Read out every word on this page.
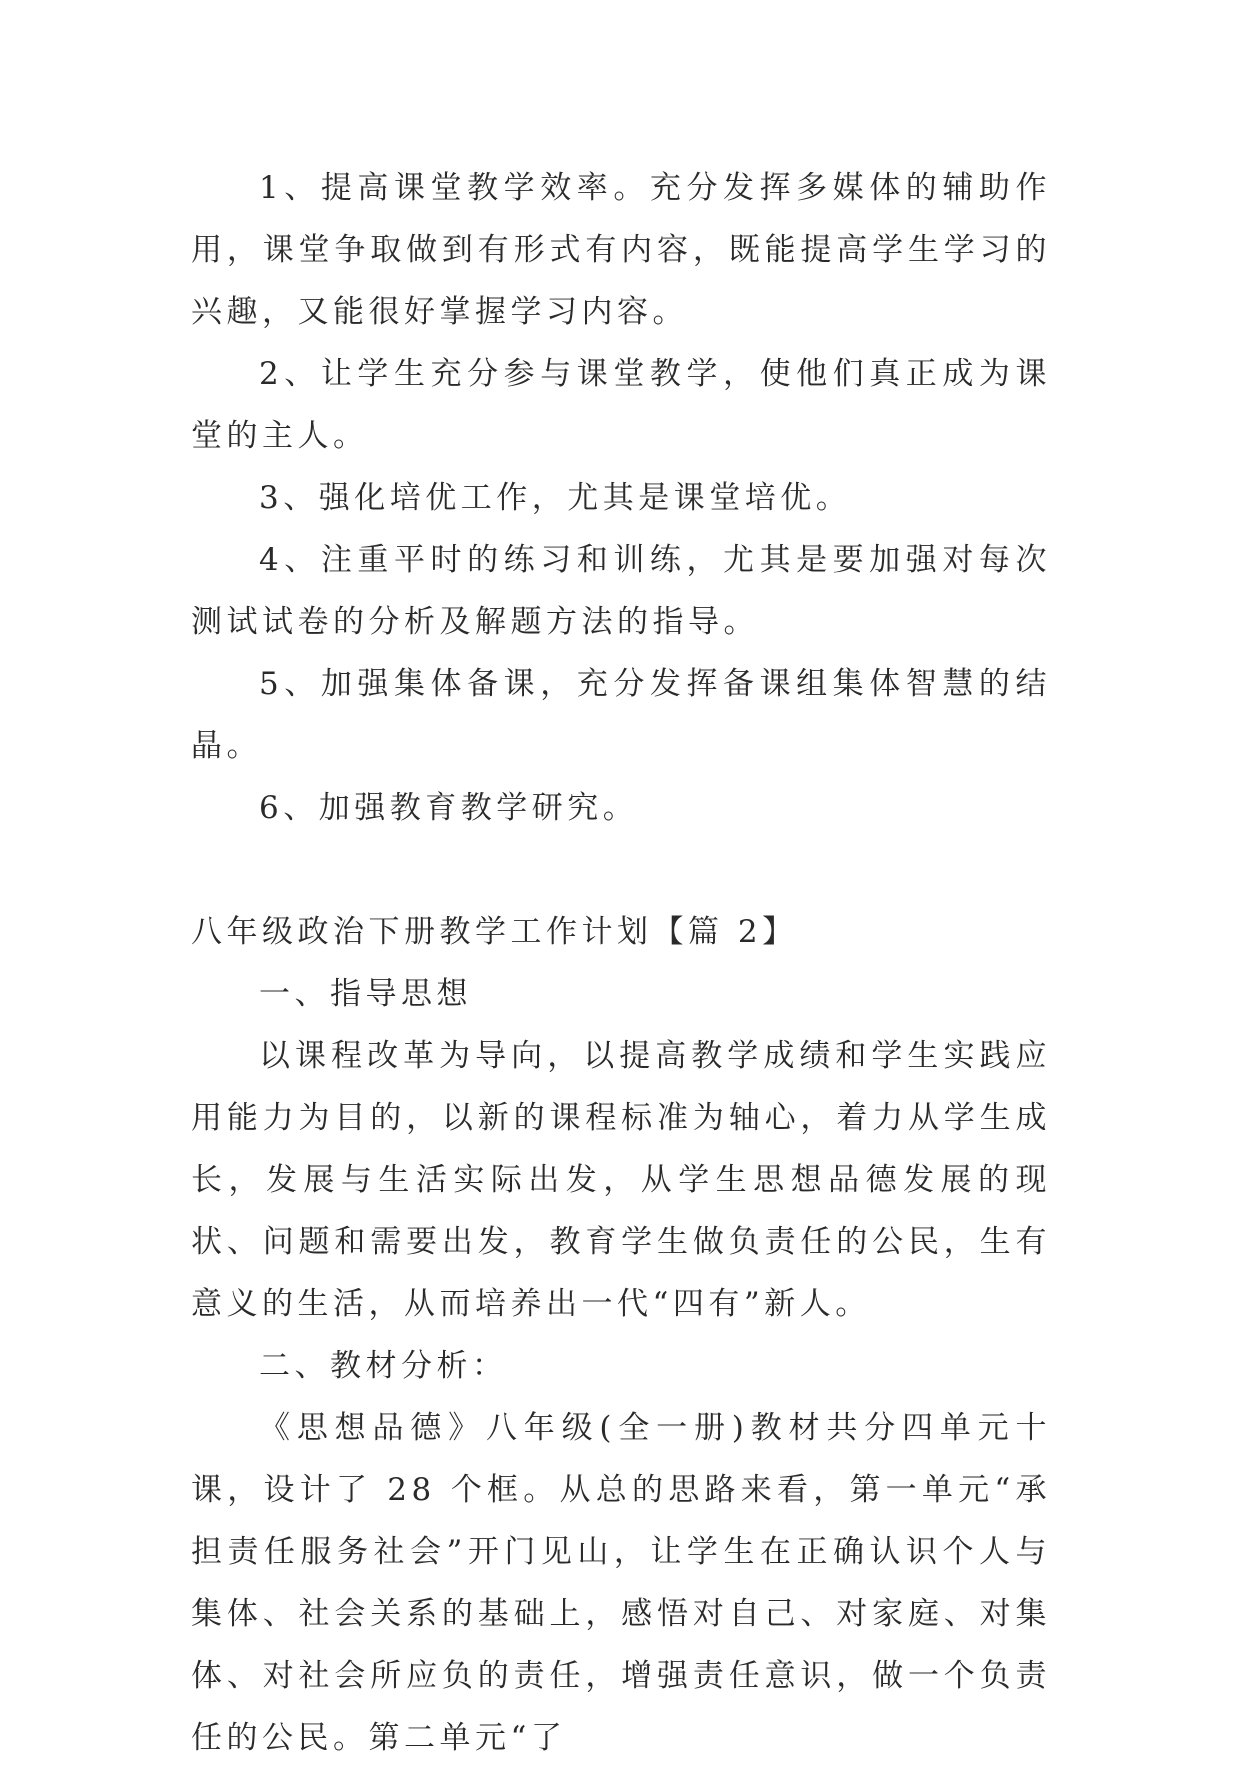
1、提高课堂教学效率。充分发挥多媒体的辅助作用，课堂争取做到有形式有内容，既能提高学生学习的兴趣，又能很好掌握学习内容。

2、让学生充分参与课堂教学，使他们真正成为课堂的主人。

3、强化培优工作，尤其是课堂培优。

4、注重平时的练习和训练，尤其是要加强对每次测试试卷的分析及解题方法的指导。

5、加强集体备课，充分发挥备课组集体智慧的结晶。

6、加强教育教学研究。

八年级政治下册教学工作计划【篇 2】

一、指导思想

以课程改革为导向，以提高教学成绩和学生实践应用能力为目的，以新的课程标准为轴心，着力从学生成长，发展与生活实际出发，从学生思想品德发展的现状、问题和需要出发，教育学生做负责任的公民，生有意义的生活，从而培养出一代“四有”新人。

二、教材分析：

《思想品德》八年级(全一册)教材共分四单元十课，设计了 28 个框。从总的思路来看，第一单元“承担责任服务社会”开门见山，让学生在正确认识个人与集体、社会关系的基础上，感悟对自己、对家庭、对集体、对社会所应负的责任，增强责任意识，做一个负责任的公民。第二单元“了
